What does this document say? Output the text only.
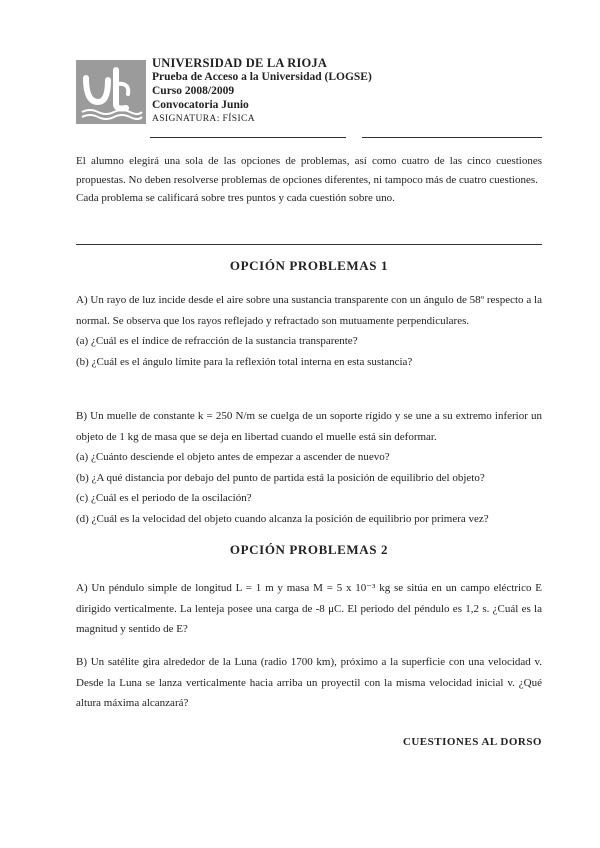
UNIVERSIDAD DE LA RIOJA
Prueba de Acceso a la Universidad (LOGSE)
Curso 2008/2009
Convocatoria Junio
ASIGNATURA: FÍSICA

El alumno elegirá una sola de las opciones de problemas, así como cuatro de las cinco cuestiones propuestas. No deben resolverse problemas de opciones diferentes, ni tampoco más de cuatro cuestiones.

Cada problema se calificará sobre tres puntos y cada cuestión sobre uno.

OPCIÓN PROBLEMAS 1

A) Un rayo de luz incide desde el aire sobre una sustancia transparente con un ángulo de 58º respecto a la normal. Se observa que los rayos reflejado y refractado son mutuamente perpendiculares.

(a) ¿Cuál es el índice de refracción de la sustancia transparente?

(b) ¿Cuál es el ángulo límite para la reflexión total interna en esta sustancia?

B) Un muelle de constante k = 250 N/m se cuelga de un soporte rígido y se une a su extremo inferior un objeto de 1 kg de masa que se deja en libertad cuando el muelle está sin deformar.

(a) ¿Cuánto desciende el objeto antes de empezar a ascender de nuevo?

(b) ¿A qué distancia por debajo del punto de partida está la posición de equilibrio del objeto?

(c) ¿Cuál es el periodo de la oscilación?

(d) ¿Cuál es la velocidad del objeto cuando alcanza la posición de equilibrio por primera vez?

OPCIÓN PROBLEMAS 2

A) Un péndulo simple de longitud L = 1 m y masa M = 5 x 10⁻³ kg se sitúa en un campo eléctrico E dirigido verticalmente. La lenteja posee una carga de -8 μC. El periodo del péndulo es 1,2 s. ¿Cuál es la magnitud y sentido de E?

B) Un satélite gira alrededor de la Luna (radio 1700 km), próximo a la superficie con una velocidad v. Desde la Luna se lanza verticalmente hacia arriba un proyectil con la misma velocidad inicial v. ¿Qué altura máxima alcanzará?

CUESTIONES AL DORSO
